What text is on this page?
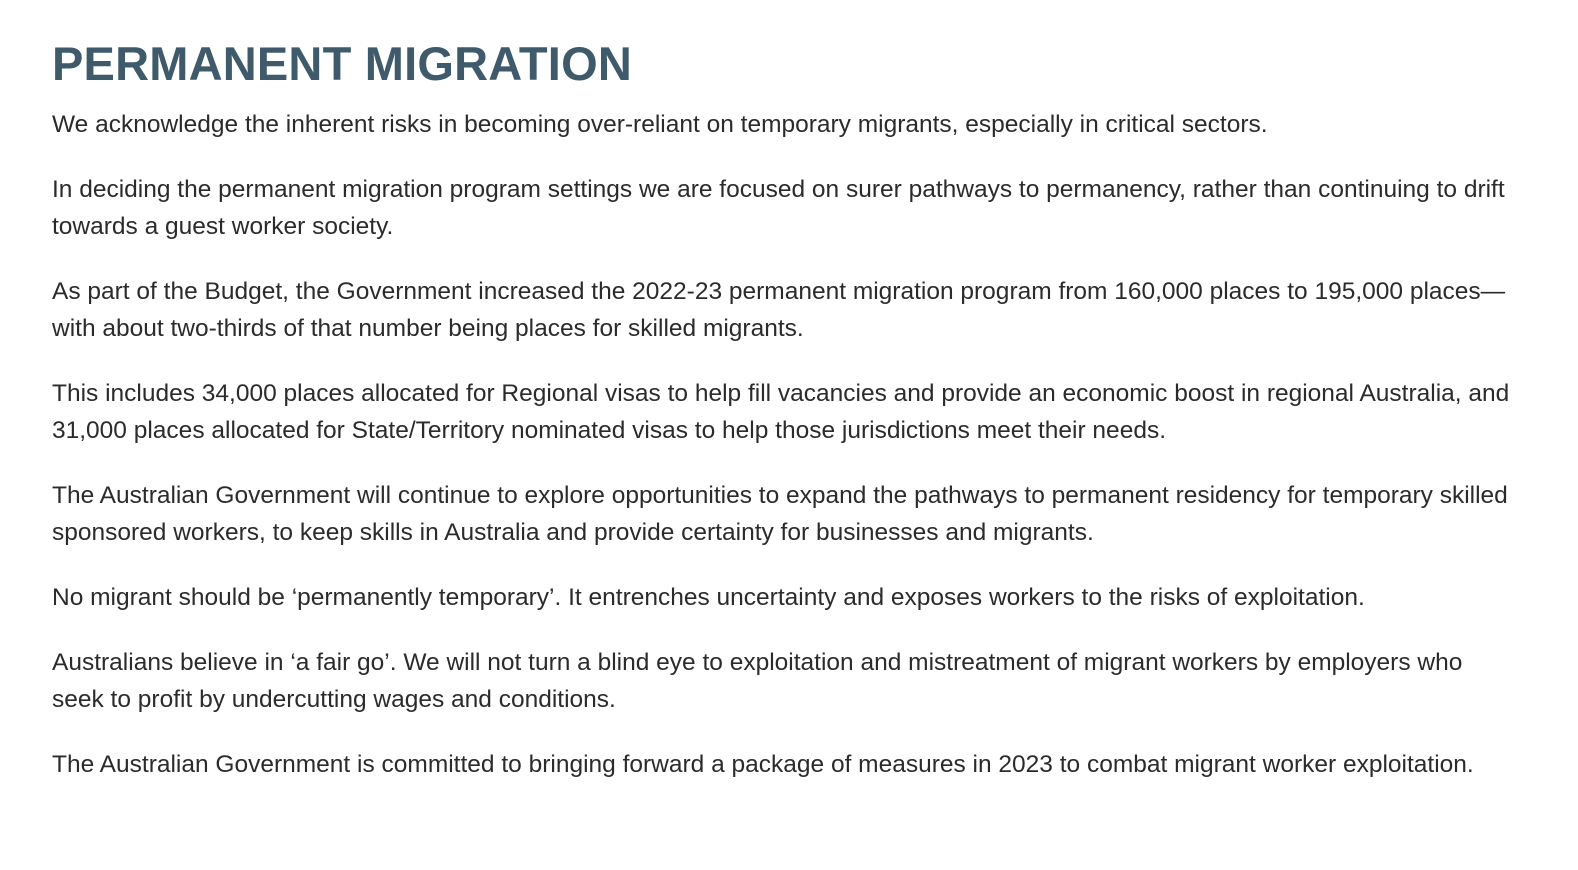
PERMANENT MIGRATION

We acknowledge the inherent risks in becoming over-reliant on temporary migrants, especially in critical sectors.

In deciding the permanent migration program settings we are focused on surer pathways to permanency, rather than continuing to drift towards a guest worker society.

As part of the Budget, the Government increased the 2022-23 permanent migration program from 160,000 places to 195,000 places—with about two-thirds of that number being places for skilled migrants.

This includes 34,000 places allocated for Regional visas to help fill vacancies and provide an economic boost in regional Australia, and 31,000 places allocated for State/Territory nominated visas to help those jurisdictions meet their needs.

The Australian Government will continue to explore opportunities to expand the pathways to permanent residency for temporary skilled sponsored workers, to keep skills in Australia and provide certainty for businesses and migrants.

No migrant should be ‘permanently temporary’. It entrenches uncertainty and exposes workers to the risks of exploitation.

Australians believe in ‘a fair go’. We will not turn a blind eye to exploitation and mistreatment of migrant workers by employers who seek to profit by undercutting wages and conditions.

The Australian Government is committed to bringing forward a package of measures in 2023 to combat migrant worker exploitation.
